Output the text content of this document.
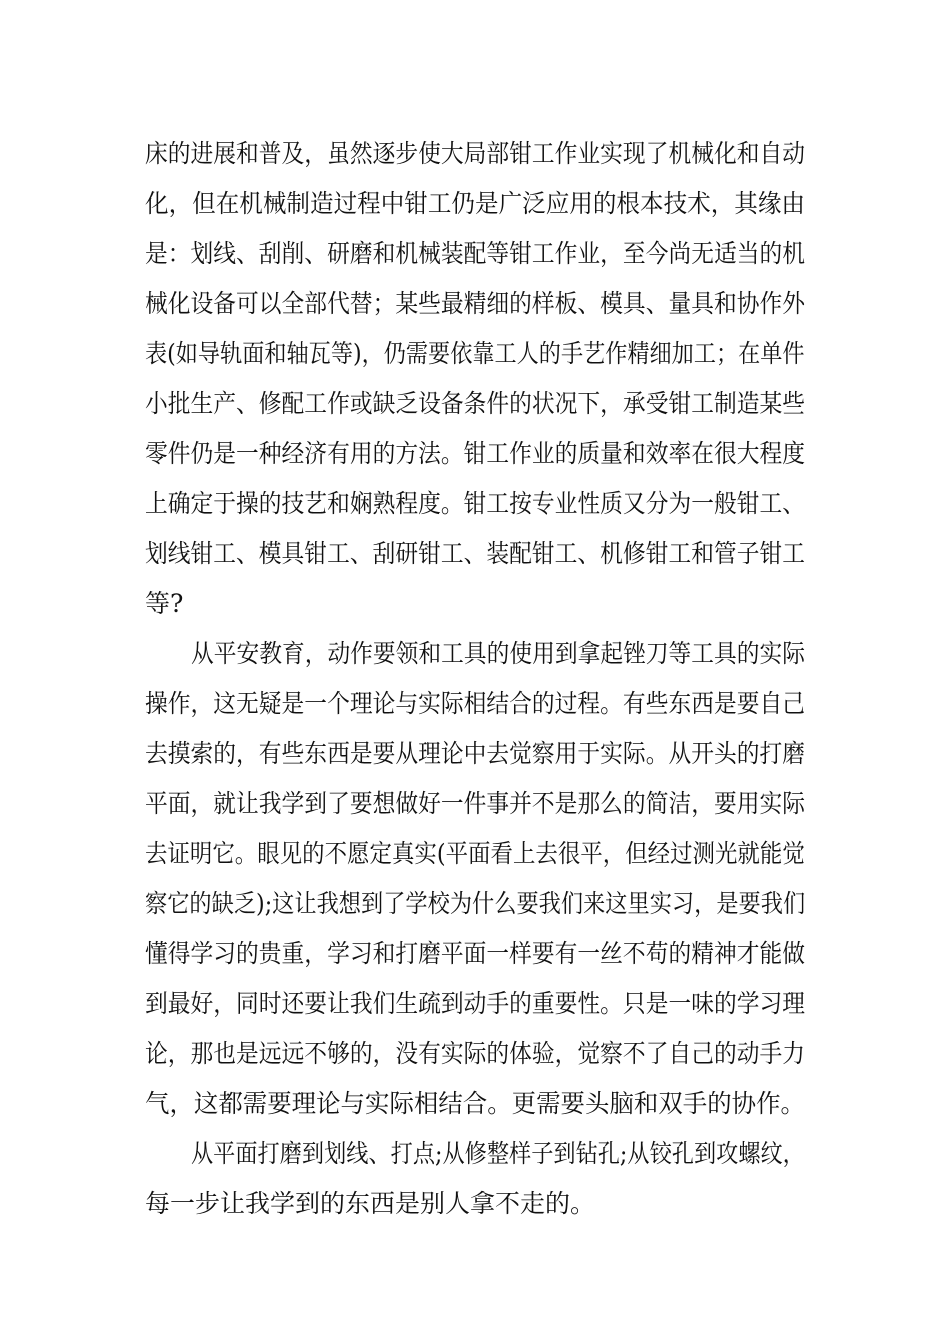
床的进展和普及，虽然逐步使大局部钳工作业实现了机械化和自动
化，但在机械制造过程中钳工仍是广泛应用的根本技术，其缘由
是：划线、刮削、研磨和机械装配等钳工作业，至今尚无适当的机
械化设备可以全部代替；某些最精细的样板、模具、量具和协作外
表(如导轨面和轴瓦等)，仍需要依靠工人的手艺作精细加工；在单件
小批生产、修配工作或缺乏设备条件的状况下，承受钳工制造某些
零件仍是一种经济有用的方法。钳工作业的质量和效率在很大程度
上确定于操的技艺和娴熟程度。钳工按专业性质又分为一般钳工、
划线钳工、模具钳工、刮研钳工、装配钳工、机修钳工和管子钳工
等?
从平安教育，动作要领和工具的使用到拿起锉刀等工具的实际
操作，这无疑是一个理论与实际相结合的过程。有些东西是要自己
去摸索的，有些东西是要从理论中去觉察用于实际。从开头的打磨
平面，就让我学到了要想做好一件事并不是那么的简洁，要用实际
去证明它。眼见的不愿定真实(平面看上去很平，但经过测光就能觉
察它的缺乏);这让我想到了学校为什么要我们来这里实习，是要我们
懂得学习的贵重，学习和打磨平面一样要有一丝不苟的精神才能做
到最好，同时还要让我们生疏到动手的重要性。只是一味的学习理
论，那也是远远不够的，没有实际的体验，觉察不了自己的动手力
气，这都需要理论与实际相结合。更需要头脑和双手的协作。
从平面打磨到划线、打点;从修整样子到钻孔;从铰孔到攻螺纹，
每一步让我学到的东西是别人拿不走的。
